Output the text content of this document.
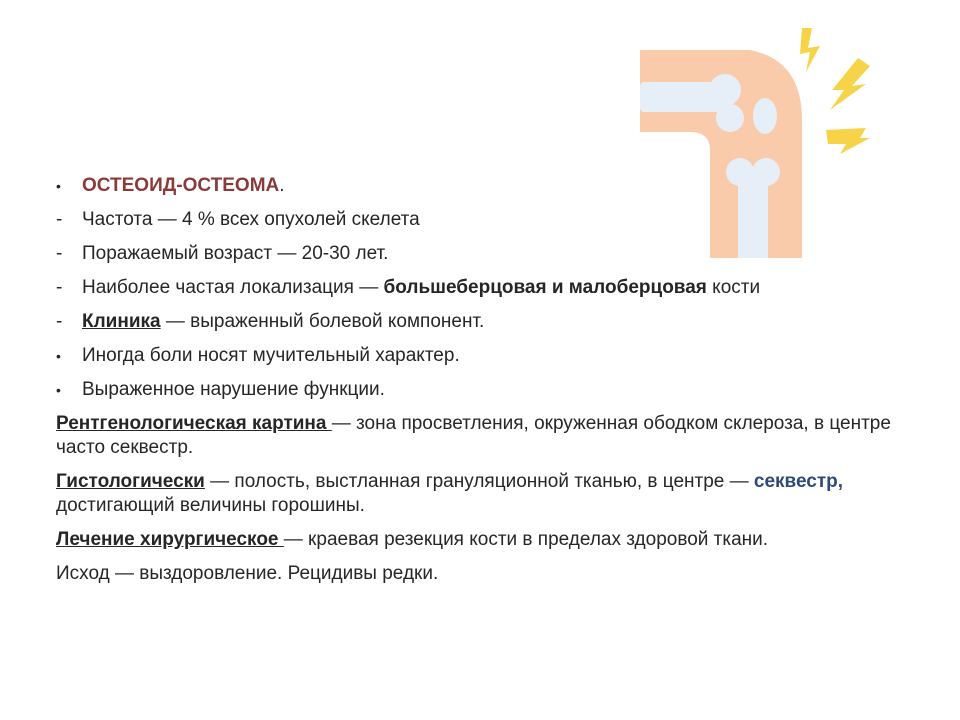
•	ОСТЕОИД-ОСТЕОМА.
-	Частота — 4 % всех опухолей скелета
-	Поражаемый возраст — 20-30 лет.
-	Наиболее частая локализация — большеберцовая и малоберцовая кости
-	Клиника — выраженный болевой компонент.
•	Иногда боли носят мучительный характер.
•	Выраженное нарушение функции.

Рентгенологическая картина — зона просветления, окруженная ободком склероза, в центре часто секвестр.

Гистологически — полость, выстланная грануляционной тканью, в центре — секвестр, достигающий величины горошины.

Лечение хирургическое — краевая резекция кости в пределах здоровой ткани.

Исход — выздоровление. Рецидивы редки.
